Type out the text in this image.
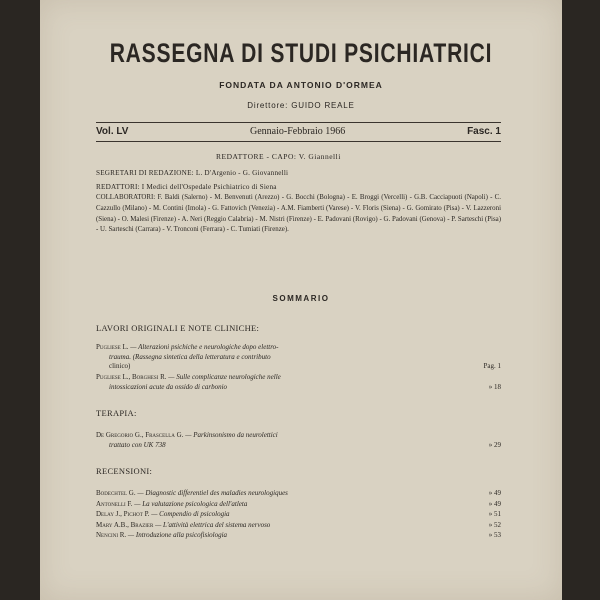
RASSEGNA DI STUDI PSICHIATRICI
FONDATA DA ANTONIO D'ORMEA
Direttore: GUIDO REALE
Vol. LV	Gennaio-Febbraio 1966	Fasc. 1
REDATTORE - CAPO: V. Giannelli
SEGRETARI DI REDAZIONE: L. D'Argenio - G. Giovannelli
REDATTORI: I Medici dell'Ospedale Psichiatrico di Siena
COLLABORATORI: F. Baldi (Salerno) - M. Benvenuti (Arezzo) - G. Bocchi (Bologna) - E. Broggi (Vercelli) - G.B. Cacciapuoti (Napoli) - C. Cazzullo (Milano) - M. Contini (Imola) - G. Fattovich (Venezia) - A.M. Fiamberti (Varese) - V. Floris (Siena) - G. Gomirato (Pisa) - V. Lazzeroni (Siena) - O. Malesi (Firenze) - A. Neri (Reggio Calabria) - M. Nistri (Firenze) - E. Padovani (Rovigo) - G. Padovani (Genova) - P. Sarteschi (Pisa) - U. Sarteschi (Carrara) - V. Tronconi (Ferrara) - C. Tumiati (Firenze).
SOMMARIO
LAVORI ORIGINALI E NOTE CLINICHE:
Pugliese L. — Alterazioni psichiche e neurologiche dopo elettro-
trauma. (Rassegna sintetica della letteratura e contributo
clinico)	Pag. 1
Pugliese L., Borghesi R. — Sulle complicanze neurologiche nelle
intossicazioni acute da ossido di carbonio	» 18
TERAPIA:
De Gregorio G., Frascella G. — Parkinsonismo da neurolettici
trattato con UK 738	» 29
RECENSIONI:
Bodechtel G. — Diagnostic differentiel des maladies neurologiques	» 49
Antonelli F. — La valutazione psicologica dell'atleta	» 49
Delay J., Pichot P. — Compendio di psicologia	» 51
Mary A.B., Brazier — L'attività elettrica del sistema nervoso	» 52
Nencini R. — Introduzione alla psicofisiologia	» 53
